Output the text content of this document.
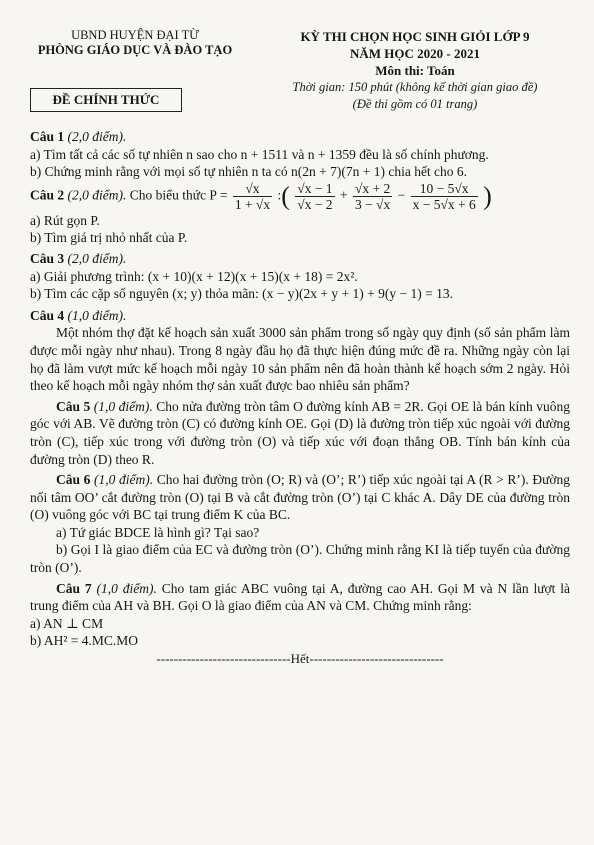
UBND HUYỆN ĐẠI TỪ
PHÒNG GIÁO DỤC VÀ ĐÀO TẠO
ĐỀ CHÍNH THỨC
KỲ THI CHỌN HỌC SINH GIỎI LỚP 9
NĂM HỌC 2020 - 2021
Môn thi: Toán
Thời gian: 150 phút (không kể thời gian giao đề)
(Đề thi gồm có 01 trang)

Câu 1 (2,0 điểm).

a) Tìm tất cả các số tự nhiên n sao cho n + 1511 và n + 1359 đều là số chính phương.

b) Chứng minh rằng với mọi số tự nhiên n ta có n(2n + 7)(7n + 1) chia hết cho 6.

Câu 2 (2,0 điểm). Cho biểu thức $P = \frac{√x}{1 + √x}$ :( $\frac{√x - 1}{√x - 2} + \frac{√x + 2}{3 - √x} - \frac{10 - 5√x}{x - 5√x + 6}$ )

a) Rút gọn P.

b) Tìm giá trị nhỏ nhất của P.

Câu 3 (2,0 điểm).

a) Giải phương trình: (x + 10)(x + 12)(x + 15)(x + 18) = 2x².

b) Tìm các cặp số nguyên (x; y) thỏa mãn: (x − y)(2x + y + 1) + 9(y − 1) = 13.

Câu 4 (1,0 điểm).

Một nhóm thợ đặt kế hoạch sản xuất 3000 sản phẩm trong số ngày quy định (số sản phẩm làm được mỗi ngày như nhau). Trong 8 ngày đầu họ đã thực hiện đúng mức đề ra. Những ngày còn lại họ đã làm vượt mức kế hoạch mỗi ngày 10 sản phẩm nên đã hoàn thành kế hoạch sớm 2 ngày. Hỏi theo kế hoạch mỗi ngày nhóm thợ sản xuất được bao nhiêu sản phẩm?

Câu 5 (1,0 điểm). Cho nửa đường tròn tâm O đường kính AB = 2R. Gọi OE là bán kính vuông góc với AB. Vẽ đường tròn (C) có đường kính OE. Gọi (D) là đường tròn tiếp xúc ngoài với đường tròn (C), tiếp xúc trong với đường tròn (O) và tiếp xúc với đoạn thẳng OB. Tính bán kính của đường tròn (D) theo R.

Câu 6 (1,0 điểm). Cho hai đường tròn (O; R) và (O’; R’) tiếp xúc ngoài tại A (R > R’). Đường nối tâm OO’ cắt đường tròn (O) tại B và cắt đường tròn (O’) tại C khác A. Dây DE của đường tròn (O) vuông góc với BC tại trung điểm K của BC.

a) Tứ giác BDCE là hình gì? Tại sao?

b) Gọi I là giao điểm của EC và đường tròn (O’). Chứng minh rằng KI là tiếp tuyến của đường tròn (O’).

Câu 7 (1,0 điểm). Cho tam giác ABC vuông tại A, đường cao AH. Gọi M và N lần lượt là trung điểm của AH và BH. Gọi O là giao điểm của AN và CM. Chứng minh rằng:

a) AN ⊥ CM

b) AH² = 4.MC.MO

-------------------------------Hết-------------------------------
